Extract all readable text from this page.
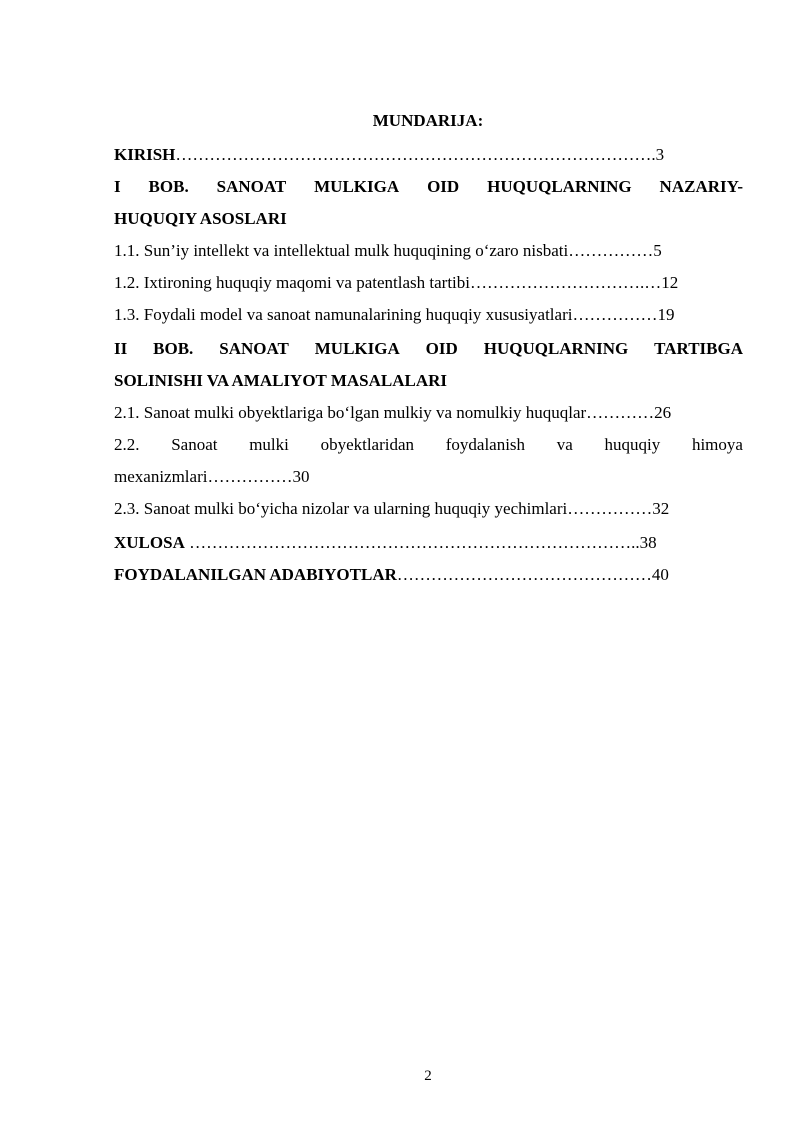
MUNDARIJA:
KIRISH………………………………………………………………………….3
I BOB. SANOAT MULKIGA OID HUQUQLARNING NAZARIY-
HUQUQIY ASOSLARI
1.1. Sun’iy intellekt va intellektual mulk huquqining o‘zaro nisbati……………5
1.2. Ixtironing huquqiy maqomi va patentlash tartibi………………………….…12
1.3. Foydali model va sanoat namunalarining huquqiy xususiyatlari……………19
II BOB. SANOAT MULKIGA OID HUQUQLARNING TARTIBGA
SOLINISHI VA AMALIYOT MASALALARI
2.1. Sanoat mulki obyektlariga bo‘lgan mulkiy va nomulkiy huquqlar…………26
2.2. Sanoat mulki obyektlaridan foydalanish va huquqiy himoya
mexanizmlari……………30
2.3. Sanoat mulki bo‘yicha nizolar va ularning huquqiy yechimlari……………32
XULOSA ……………………………………………………………………..38
FOYDALANILGAN ADABIYOTLAR………………………………………40
2
